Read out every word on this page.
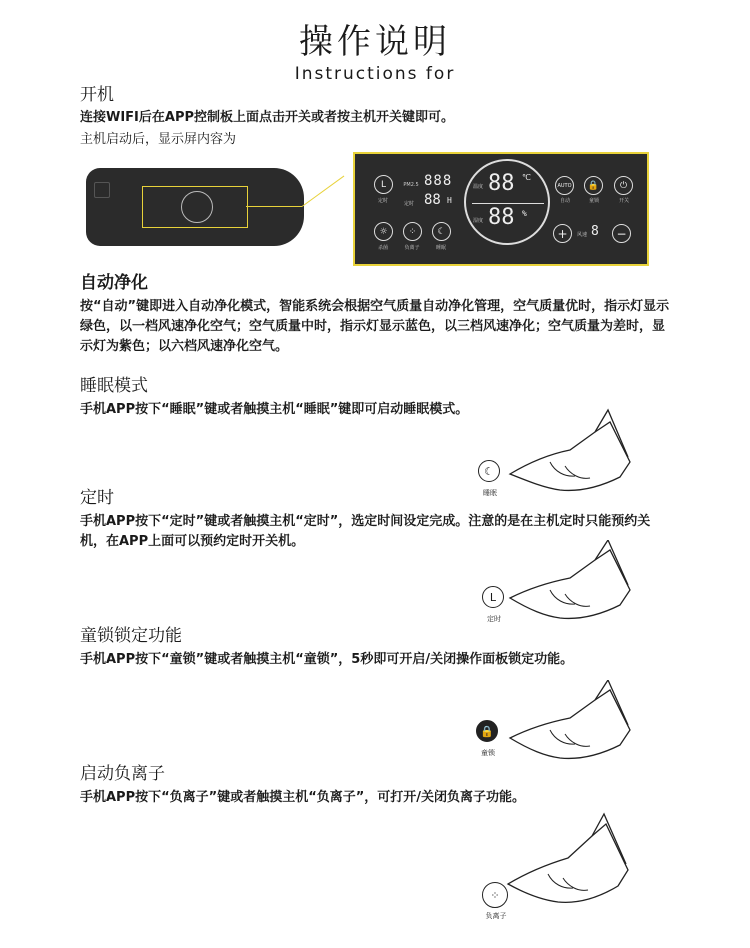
操作说明
Instructions for
开机
连接WIFI后在APP控制板上面点击开关或者按主机开关键即可。
主机启动后，显示屏内容为
L
定时
PM2.5 888
定时 88 H
温度 88 ℃
湿度 88 %
AUTO
自动
🔒
童锁
⏻
开关
☼
杀菌
⁘
负离子
☾
睡眠
+	风速 8	−
自动净化
按“自动”键即进入自动净化模式，智能系统会根据空气质量自动净化管理，空气质量优时，指示灯显示绿色，以一档风速净化空气；空气质量中时，指示灯显示蓝色，以三档风速净化；空气质量为差时，显示灯为紫色；以六档风速净化空气。
睡眠模式
手机APP按下“睡眠”键或者触摸主机“睡眠”键即可启动睡眠模式。
定时
手机APP按下“定时”键或者触摸主机“定时”，选定时间设定完成。注意的是在主机定时只能预约关机，在APP上面可以预约定时开关机。
童锁锁定功能
手机APP按下“童锁”键或者触摸主机“童锁”，5秒即可开启/关闭操作面板锁定功能。
启动负离子
手机APP按下“负离子”键或者触摸主机“负离子”，可打开/关闭负离子功能。
☾
睡眠
L
定时
🔒
童锁
⁘
负离子
